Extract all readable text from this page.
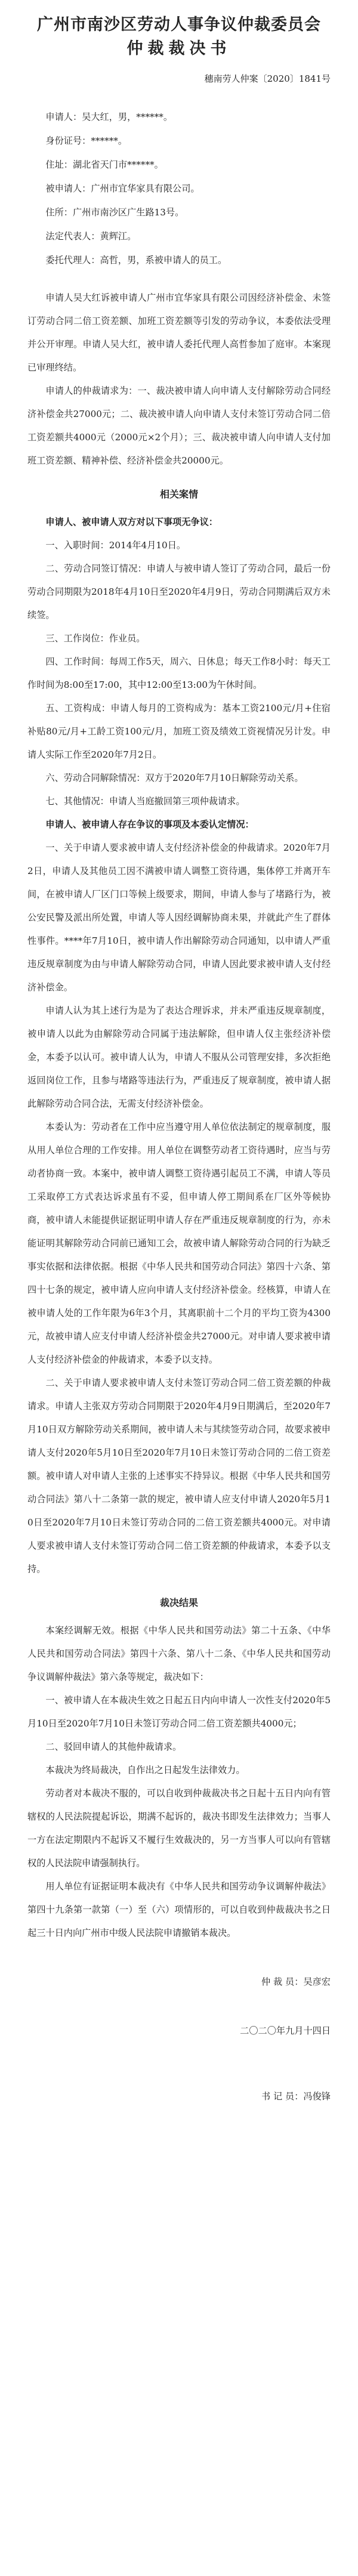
广州市南沙区劳动人事争议仲裁委员会
仲裁裁决书
穗南劳人仲案〔2020〕1841号

申请人：吴大红，男，******。

身份证号：******。

住址：湖北省天门市******。

被申请人：广州市宜华家具有限公司。

住所：广州市南沙区广生路13号。

法定代表人：黄辉江。

委托代理人：高哲，男，系被申请人的员工。

申请人吴大红诉被申请人广州市宜华家具有限公司因经济补偿金、未签订劳动合同二倍工资差额、加班工资差额等引发的劳动争议，本委依法受理并公开审理。申请人吴大红，被申请人委托代理人高哲参加了庭审。本案现已审理终结。

申请人的仲裁请求为：一、裁决被申请人向申请人支付解除劳动合同经济补偿金共27000元；二、裁决被申请人向申请人支付未签订劳动合同二倍工资差额共4000元（2000元×2个月）；三、裁决被申请人向申请人支付加班工资差额、精神补偿、经济补偿金共20000元。

相关案情

申请人、被申请人双方对以下事项无争议：

一、入职时间：2014年4月10日。

二、劳动合同签订情况：申请人与被申请人签订了劳动合同，最后一份劳动合同期限为2018年4月10日至2020年4月9日，劳动合同期满后双方未续签。

三、工作岗位：作业员。

四、工作时间：每周工作5天，周六、日休息；每天工作8小时：每天工作时间为8:00至17:00，其中12:00至13:00为午休时间。

五、工资构成：申请人每月的工资构成为：基本工资2100元/月+住宿补贴80元/月+工龄工资100元/月，加班工资及绩效工资视情况另计发。申请人实际工作至2020年7月2日。

六、劳动合同解除情况：双方于2020年7月10日解除劳动关系。

七、其他情况：申请人当庭撤回第三项仲裁请求。

申请人、被申请人存在争议的事项及本委认定情况：

一、关于申请人要求被申请人支付经济补偿金的仲裁请求。2020年7月2日，申请人及其他员工因不满被申请人调整工资待遇，集体停工并离开车间，在被申请人厂区门口等候上级要求，期间，申请人参与了堵路行为，被公安民警及派出所处置，申请人等人因经调解协商未果，并就此产生了群体性事件。****年7月10日，被申请人作出解除劳动合同通知，以申请人严重违反规章制度为由与申请人解除劳动合同，申请人因此要求被申请人支付经济补偿金。

申请人认为其上述行为是为了表达合理诉求，并未严重违反规章制度，被申请人以此为由解除劳动合同属于违法解除，但申请人仅主张经济补偿金，本委予以认可。被申请人认为，申请人不服从公司管理安排，多次拒绝返回岗位工作，且参与堵路等违法行为，严重违反了规章制度，被申请人据此解除劳动合同合法，无需支付经济补偿金。

本委认为：劳动者在工作中应当遵守用人单位依法制定的规章制度，服从用人单位合理的工作安排。用人单位在调整劳动者工资待遇时，应当与劳动者协商一致。本案中，被申请人调整工资待遇引起员工不满，申请人等员工采取停工方式表达诉求虽有不妥，但申请人停工期间系在厂区外等候协商，被申请人未能提供证据证明申请人存在严重违反规章制度的行为，亦未能证明其解除劳动合同前已通知工会，故被申请人解除劳动合同的行为缺乏事实依据和法律依据。根据《中华人民共和国劳动合同法》第四十六条、第四十七条的规定，被申请人应向申请人支付经济补偿金。经核算，申请人在被申请人处的工作年限为6年3个月，其离职前十二个月的平均工资为4300元，故被申请人应支付申请人经济补偿金共27000元。对申请人要求被申请人支付经济补偿金的仲裁请求，本委予以支持。

二、关于申请人要求被申请人支付未签订劳动合同二倍工资差额的仲裁请求。申请人主张双方劳动合同期限于2020年4月9日期满后，至2020年7月10日双方解除劳动关系期间，被申请人未与其续签劳动合同，故要求被申请人支付2020年5月10日至2020年7月10日未签订劳动合同的二倍工资差额。被申请人对申请人主张的上述事实不持异议。根据《中华人民共和国劳动合同法》第八十二条第一款的规定，被申请人应支付申请人2020年5月10日至2020年7月10日未签订劳动合同的二倍工资差额共4000元。对申请人要求被申请人支付未签订劳动合同二倍工资差额的仲裁请求，本委予以支持。

裁决结果

本案经调解无效。根据《中华人民共和国劳动法》第二十五条、《中华人民共和国劳动合同法》第四十六条、第八十二条、《中华人民共和国劳动争议调解仲裁法》第六条等规定，裁决如下：

一、被申请人在本裁决生效之日起五日内向申请人一次性支付2020年5月10日至2020年7月10日未签订劳动合同二倍工资差额共4000元；

二、驳回申请人的其他仲裁请求。

本裁决为终局裁决，自作出之日起发生法律效力。

劳动者对本裁决不服的，可以自收到仲裁裁决书之日起十五日内向有管辖权的人民法院提起诉讼，期满不起诉的，裁决书即发生法律效力；当事人一方在法定期限内不起诉又不履行生效裁决的，另一方当事人可以向有管辖权的人民法院申请强制执行。

用人单位有证据证明本裁决有《中华人民共和国劳动争议调解仲裁法》第四十九条第一款第（一）至（六）项情形的，可以自收到仲裁裁决书之日起三十日内向广州市中级人民法院申请撤销本裁决。

仲 裁 员：吴彦宏

二〇二〇年九月十四日

书 记 员：冯俊锋
